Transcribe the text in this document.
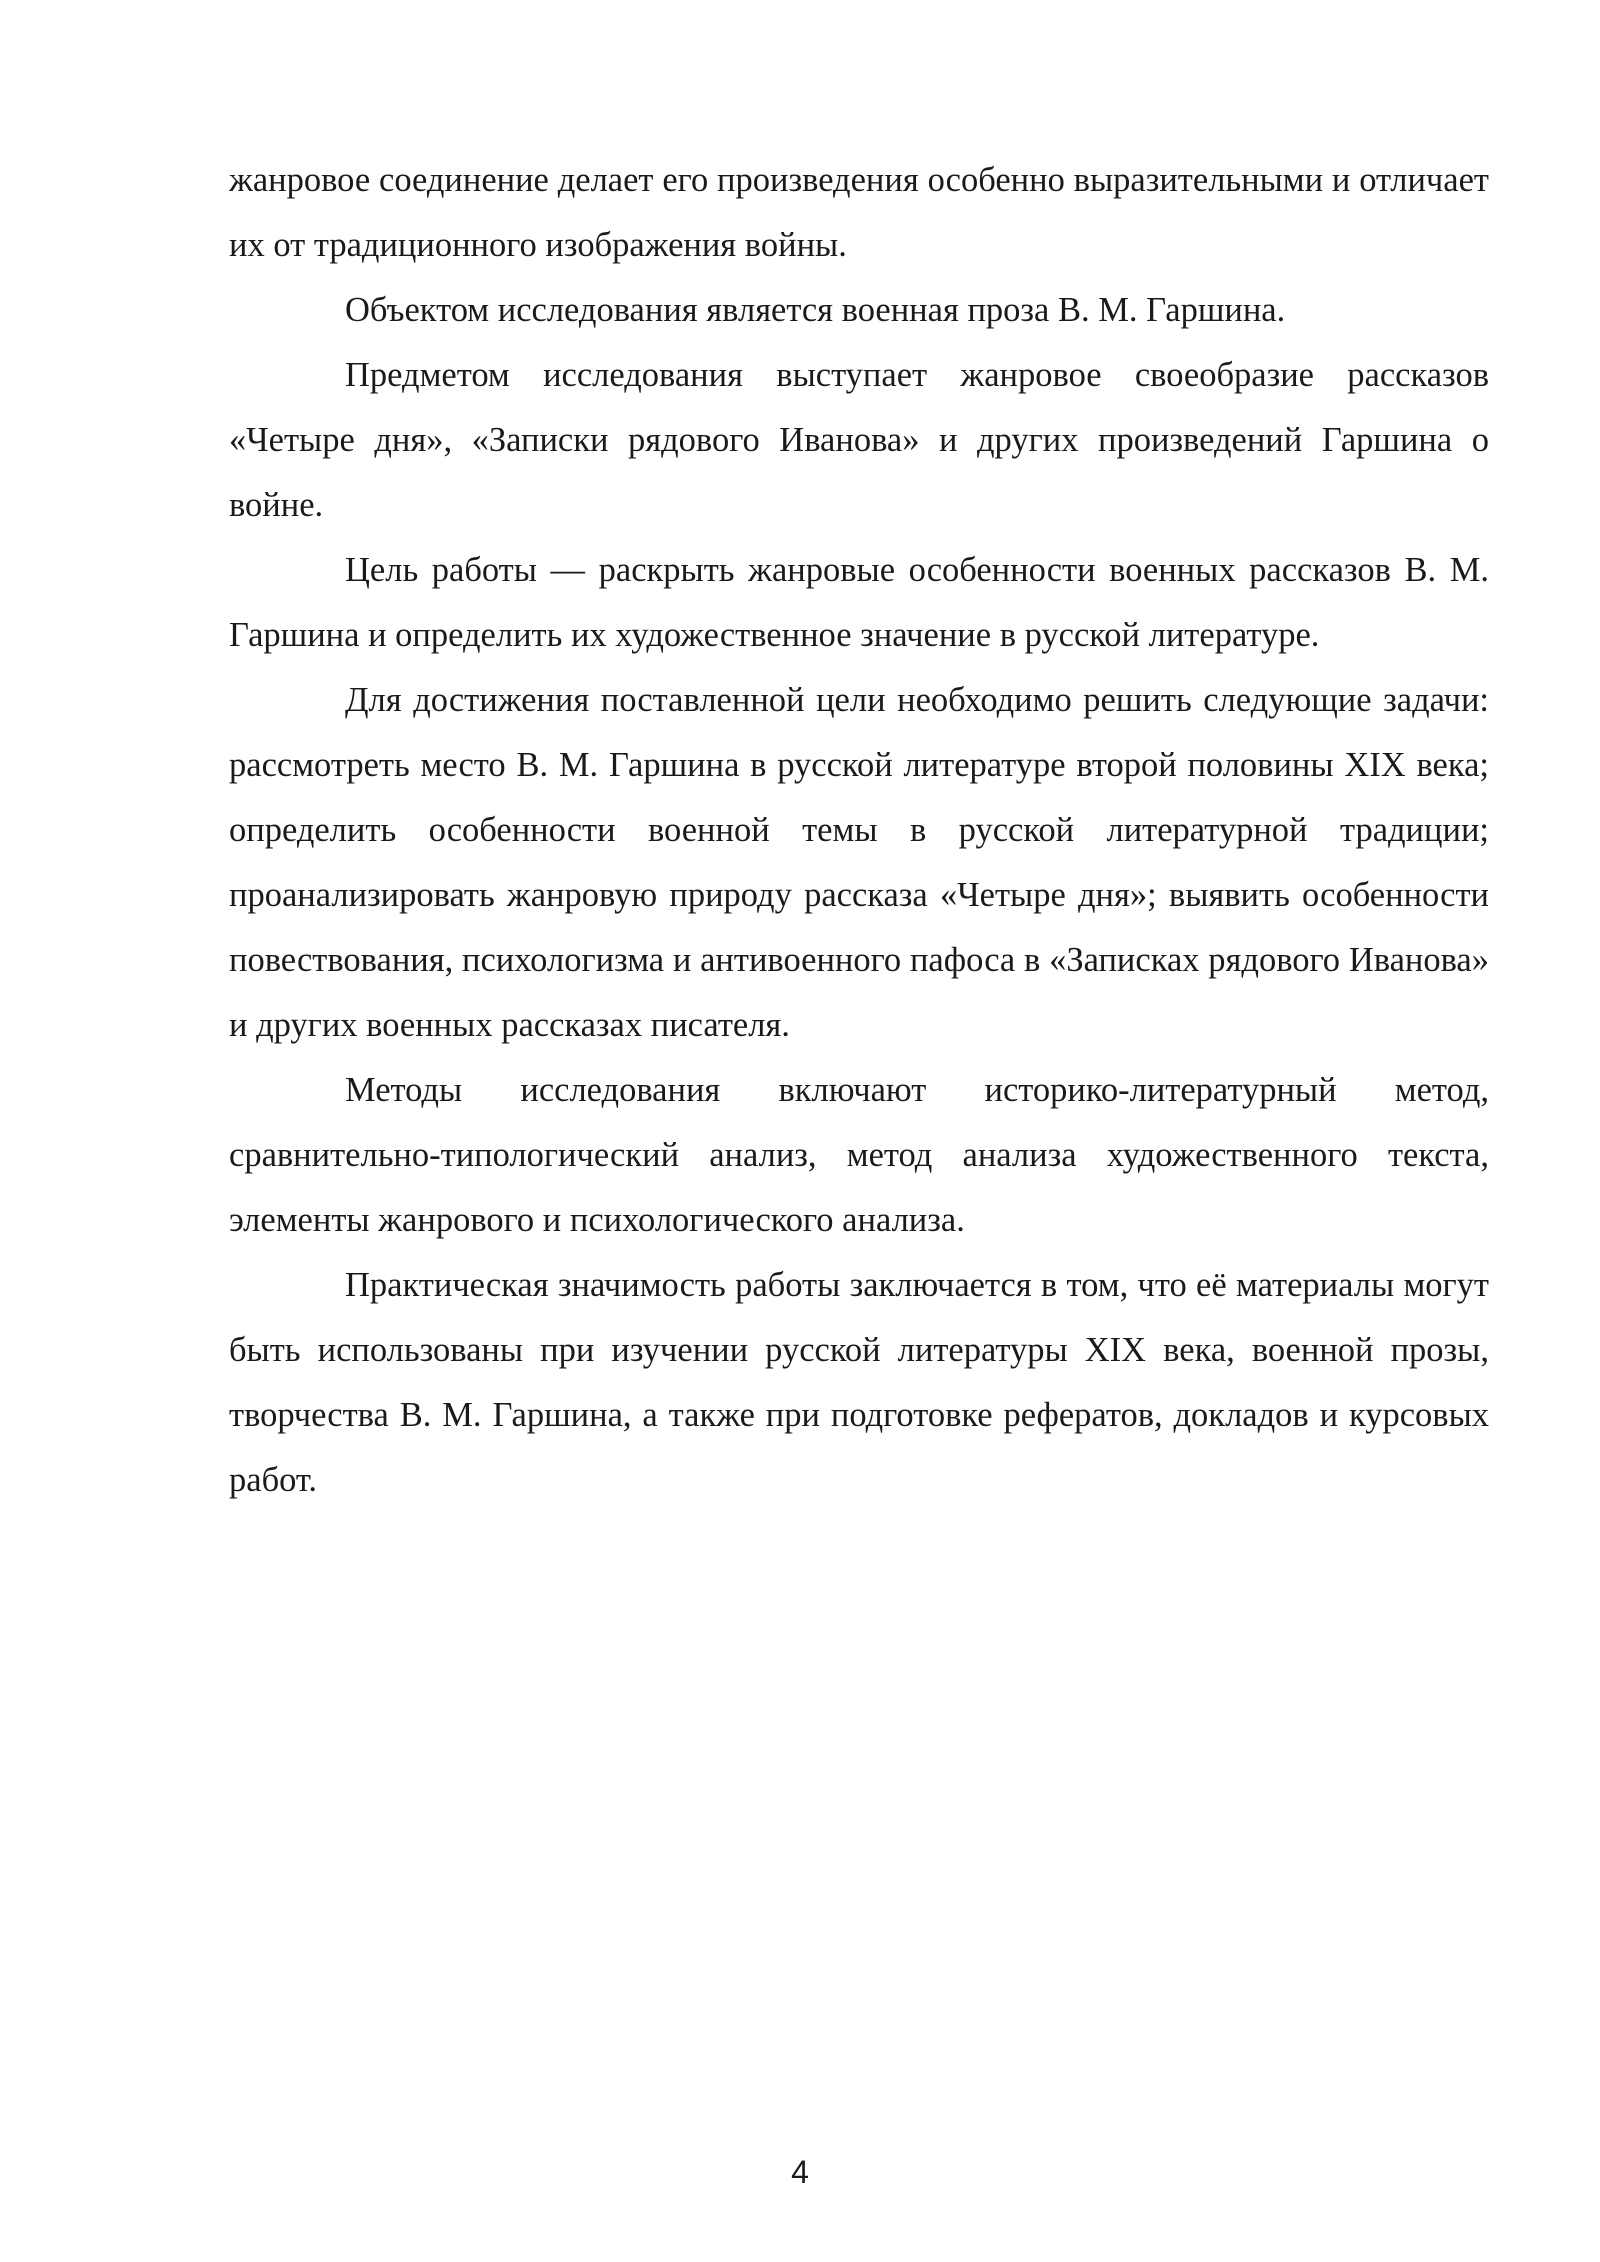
жанровое соединение делает его произведения особенно выразительными и отличает их от традиционного изображения войны.

Объектом исследования является военная проза В. М. Гаршина.

Предметом исследования выступает жанровое своеобразие рассказов «Четыре дня», «Записки рядового Иванова» и других произведений Гаршина о войне.

Цель работы — раскрыть жанровые особенности военных рассказов В. М. Гаршина и определить их художественное значение в русской литературе.

Для достижения поставленной цели необходимо решить следующие задачи: рассмотреть место В. М. Гаршина в русской литературе второй половины XIX века; определить особенности военной темы в русской литературной традиции; проанализировать жанровую природу рассказа «Четыре дня»; выявить особенности повествования, психологизма и антивоенного пафоса в «Записках рядового Иванова» и других военных рассказах писателя.

Методы исследования включают историко-литературный метод, сравнительно-типологический анализ, метод анализа художественного текста, элементы жанрового и психологического анализа.

Практическая значимость работы заключается в том, что её материалы могут быть использованы при изучении русской литературы XIX века, военной прозы, творчества В. М. Гаршина, а также при подготовке рефератов, докладов и курсовых работ.

4
